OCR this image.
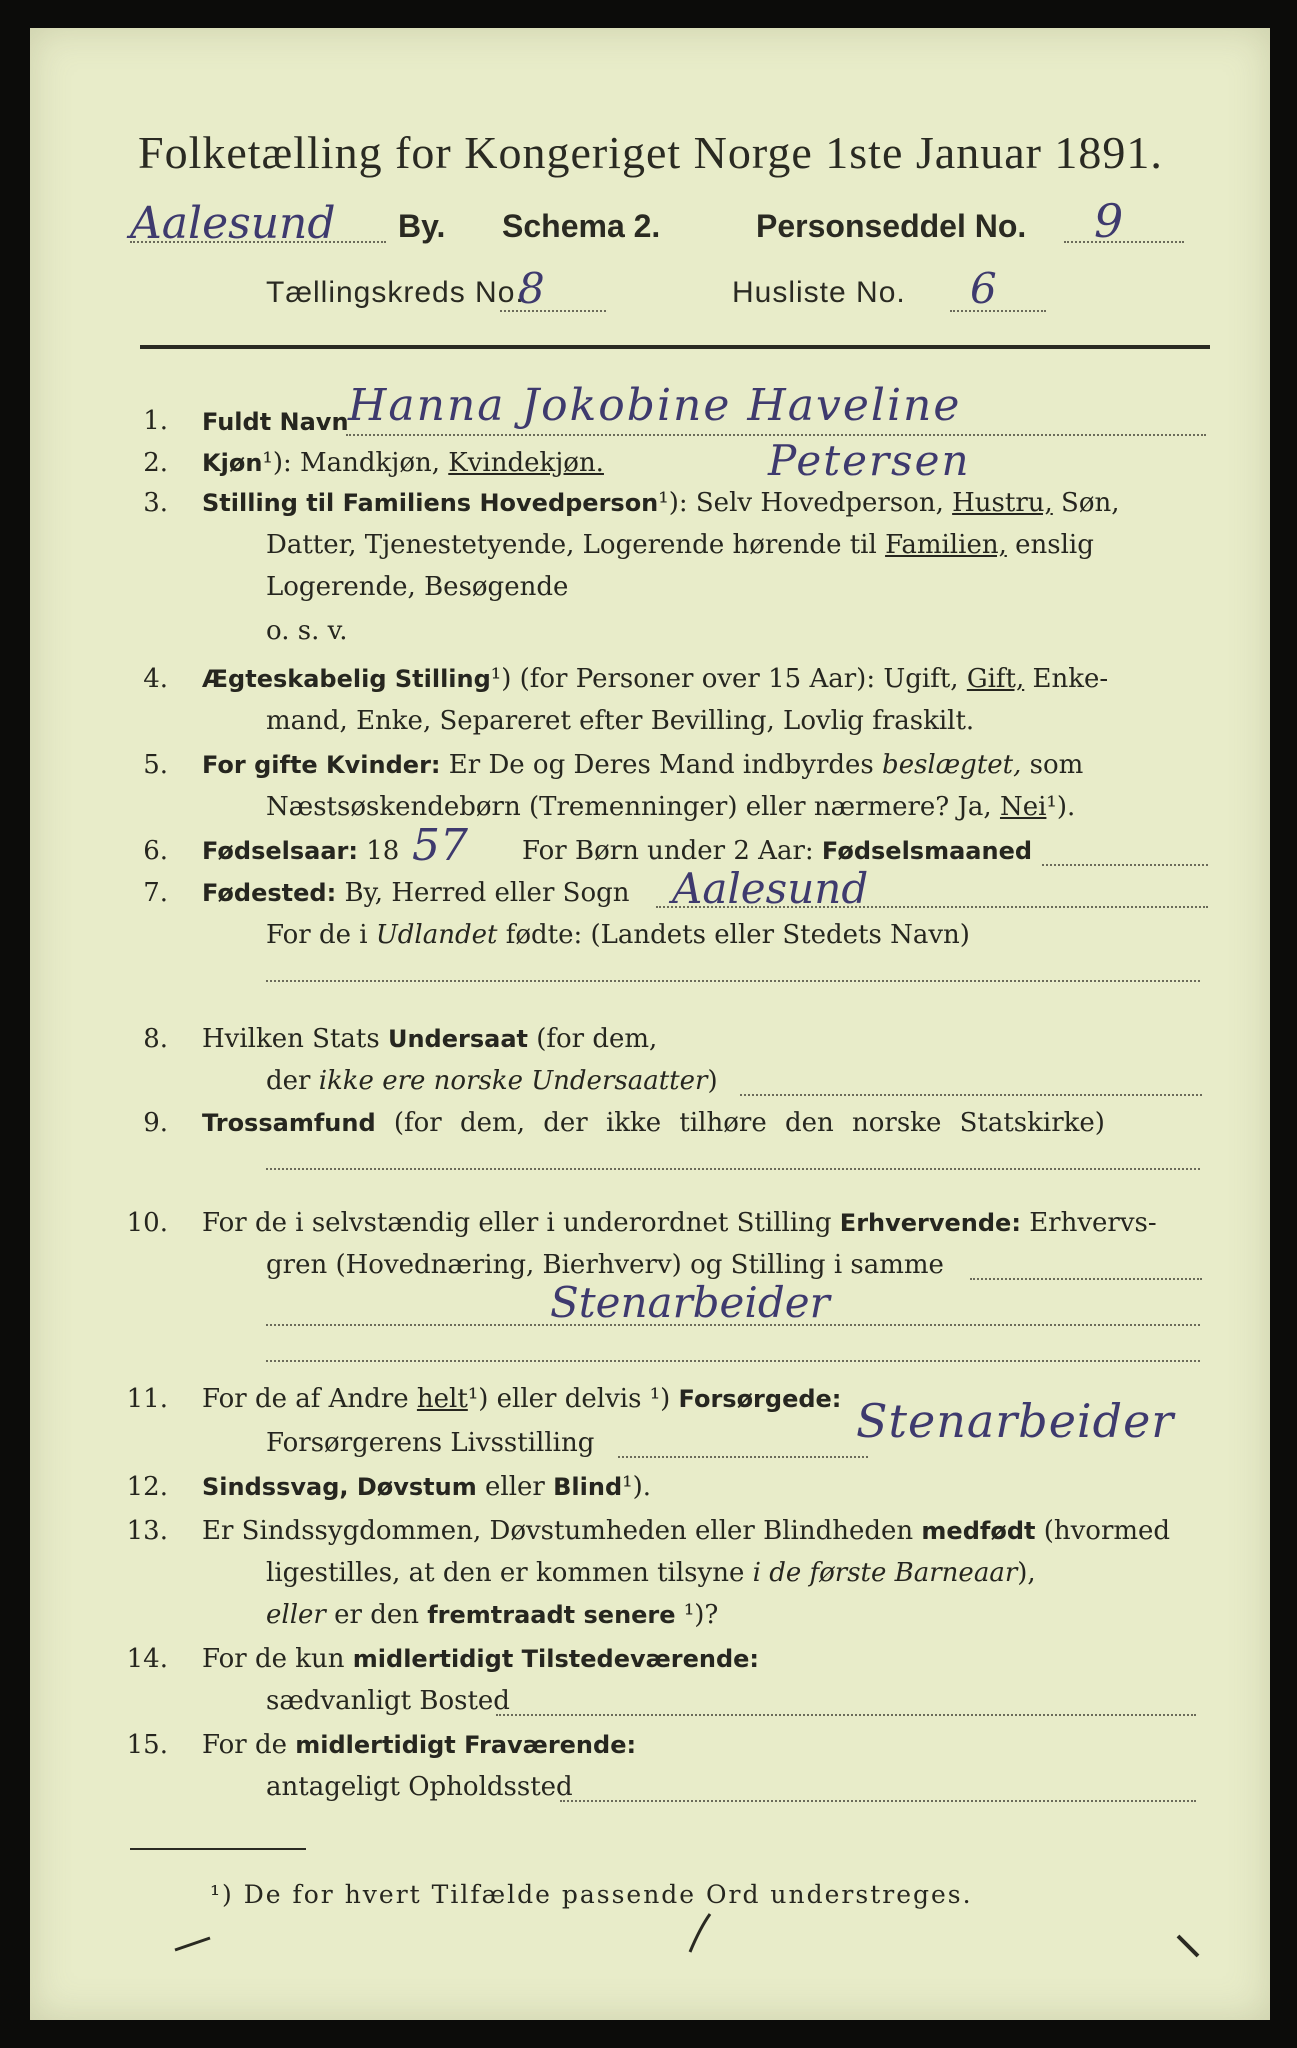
Folketælling for Kongeriget Norge 1ste Januar 1891.
Aalesund By. Schema 2.	Personseddel No. 9
Tællingskreds No.
8	Husliste No. 6
1. Fuldt Navn Hanna Jokobine Haveline
2. Kjøn¹): Mandkjøn, Kvindekjøn.	Petersen
3. Stilling til Familiens Hovedperson¹): Selv Hovedperson, Hustru, Søn,
Datter, Tjenestetyende, Logerende hørende til Familien, enslig
Logerende, Besøgende
o. s. v.
4. Ægteskabelig Stilling¹) (for Personer over 15 Aar): Ugift, Gift, Enke-
mand, Enke, Separeret efter Bevilling, Lovlig fraskilt.
5. For gifte Kvinder: Er De og Deres Mand indbyrdes beslægtet, som
Næstsøskendebørn (Tremenninger) eller nærmere? Ja, Nei¹).
6. Fødselsaar: 18 57 For Børn under 2 Aar: Fødselsmaaned
7. Fødested: By, Herred eller Sogn Aalesund
For de i Udlandet fødte: (Landets eller Stedets Navn)
8. Hvilken Stats Undersaat (for dem,
der ikke ere norske Undersaatter)
9. Trossamfund (for dem, der ikke tilhøre den norske Statskirke)
10. For de i selvstændig eller i underordnet Stilling Erhvervende: Erhvervs-
gren (Hovednæring, Bierhverv) og Stilling i samme
Stenarbeider
11. For de af Andre helt¹) eller delvis ¹) Forsørgede:
Forsørgerens Livsstilling	Stenarbeider
12. Sindssvag, Døvstum eller Blind¹).
13. Er Sindssygdommen, Døvstumheden eller Blindheden medfødt (hvormed
ligestilles, at den er kommen tilsyne i de første Barneaar),
eller er den fremtraadt senere ¹)?
14. For de kun midlertidigt Tilstedeværende:
sædvanligt Bosted
15. For de midlertidigt Fraværende:
antageligt Opholdssted
¹) De for hvert Tilfælde passende Ord understreges.
